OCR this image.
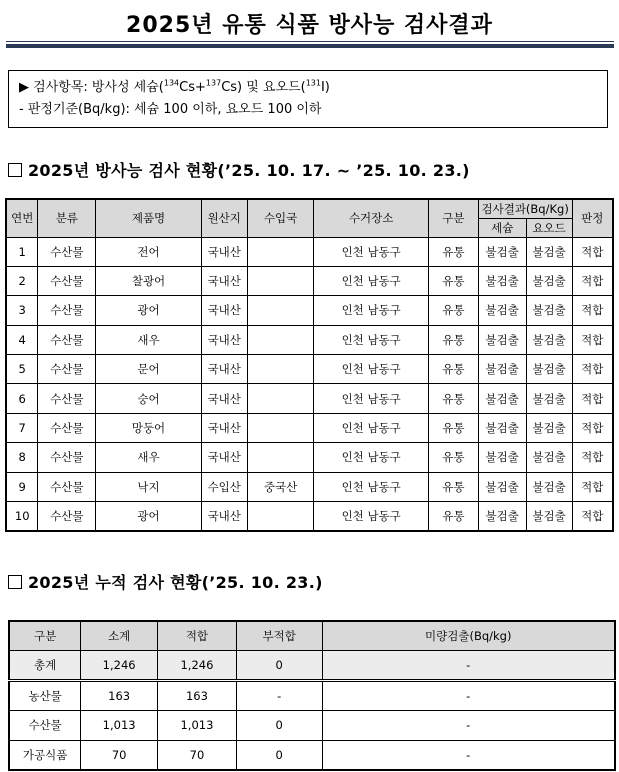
2025년 유통 식품 방사능 검사결과
▶ 검사항목: 방사성 세슘($^{134}$Cs+$^{137}$Cs) 및 요오드($^{131}$I)
- 판정기준(Bq/kg): 세슘 100 이하, 요오드 100 이하
2025년 방사능 검사 현황(’25. 10. 17. ~ ’25. 10. 23.)
연번	분류	제품명	원산지	수입국	수거장소	구분	검사결과(Bq/Kg)		판정
							세슘	요오드	
1	수산물	전어	국내산		인천 남동구	유통	불검출	불검출	적합
2	수산물	찰광어	국내산		인천 남동구	유통	불검출	불검출	적합
3	수산물	광어	국내산		인천 남동구	유통	불검출	불검출	적합
4	수산물	새우	국내산		인천 남동구	유통	불검출	불검출	적합
5	수산물	문어	국내산		인천 남동구	유통	불검출	불검출	적합
6	수산물	숭어	국내산		인천 남동구	유통	불검출	불검출	적합
7	수산물	망둥어	국내산		인천 남동구	유통	불검출	불검출	적합
8	수산물	새우	국내산		인천 남동구	유통	불검출	불검출	적합
9	수산물	낙지	수입산	중국산	인천 남동구	유통	불검출	불검출	적합
10	수산물	광어	국내산		인천 남동구	유통	불검출	불검출	적합
2025년 누적 검사 현황(’25. 10. 23.)
구분	소계	적합	부적합	미량검출(Bq/kg)
총계	1,246	1,246	0	-
농산물	163	163	-	-
수산물	1,013	1,013	0	-
가공식품	70	70	0	-
